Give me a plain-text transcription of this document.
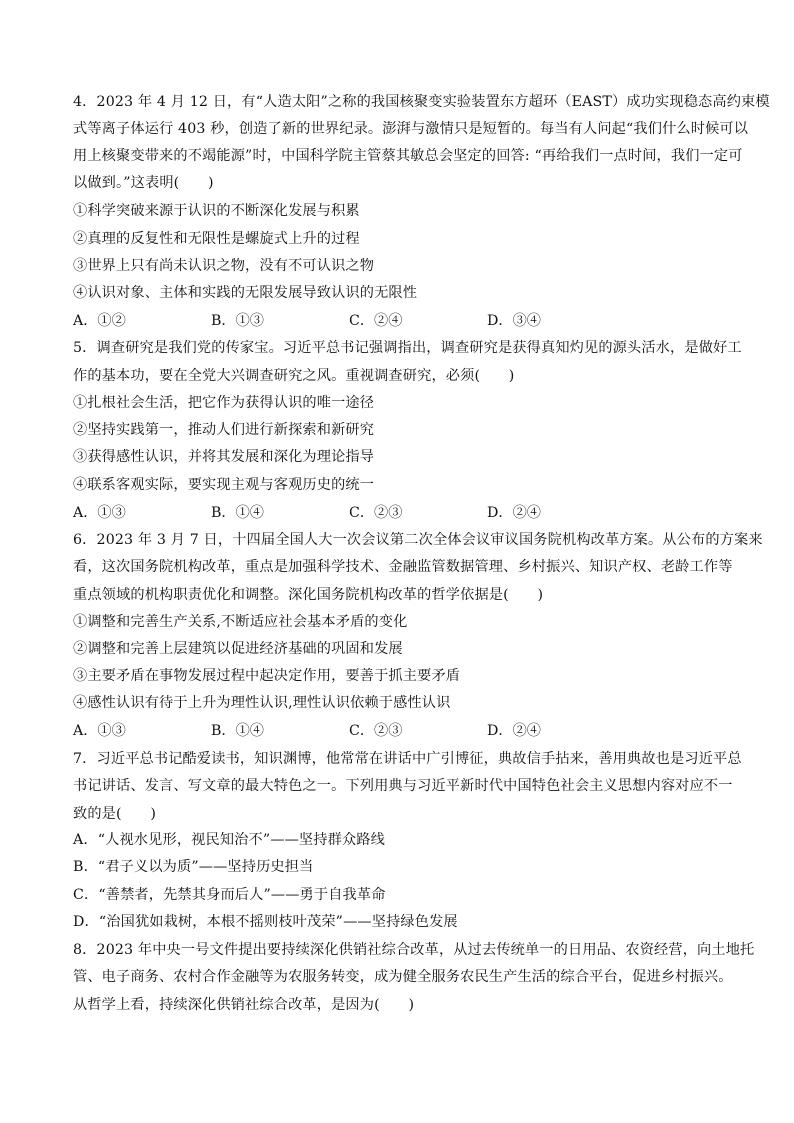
4．2023 年 4 月 12 日，有“人造太阳”之称的我国核聚变实验装置东方超环（EAST）成功实现稳态高约束模
式等离子体运行 403 秒，创造了新的世界纪录。澎湃与激情只是短暂的。每当有人问起“我们什么时候可以
用上核聚变带来的不竭能源”时，中国科学院主管蔡其敏总会坚定的回答: “再给我们一点时间，我们一定可
以做到。”这表明(　　)
①科学突破来源于认识的不断深化发展与积累
②真理的反复性和无限性是螺旋式上升的过程
③世界上只有尚未认识之物，没有不可认识之物
④认识对象、主体和实践的无限发展导致认识的无限性
A．①②	B．①③	C．②④	D．③④
5．调查研究是我们党的传家宝。习近平总书记强调指出，调查研究是获得真知灼见的源头活水，是做好工
作的基本功，要在全党大兴调查研究之风。重视调查研究，必须(　　)
①扎根社会生活，把它作为获得认识的唯一途径
②坚持实践第一，推动人们进行新探索和新研究
③获得感性认识，并将其发展和深化为理论指导
④联系客观实际，要实现主观与客观历史的统一
A．①③	B．①④	C．②③	D．②④
6．2023 年 3 月 7 日，十四届全国人大一次会议第二次全体会议审议国务院机构改革方案。从公布的方案来
看，这次国务院机构改革，重点是加强科学技术、金融监管数据管理、乡村振兴、知识产权、老龄工作等
重点领域的机构职责优化和调整。深化国务院机构改革的哲学依据是(　　)
①调整和完善生产关系,不断适应社会基本矛盾的变化
②调整和完善上层建筑以促进经济基础的巩固和发展
③主要矛盾在事物发展过程中起决定作用，要善于抓主要矛盾
④感性认识有待于上升为理性认识,理性认识依赖于感性认识
A．①③	B．①④	C．②③	D．②④
7．习近平总书记酷爱读书，知识渊博，他常常在讲话中广引博征，典故信手拈来，善用典故也是习近平总
书记讲话、发言、写文章的最大特色之一。下列用典与习近平新时代中国特色社会主义思想内容对应不一
致的是(　　)
A．“人视水见形，视民知治不”——坚持群众路线
B．“君子义以为质”——坚持历史担当
C．“善禁者，先禁其身而后人”——勇于自我革命
D．“治国犹如栽树，本根不摇则枝叶茂荣”——坚持绿色发展
8．2023 年中央一号文件提出要持续深化供销社综合改革，从过去传统单一的日用品、农资经营，向土地托
管、电子商务、农村合作金融等为农服务转变，成为健全服务农民生产生活的综合平台，促进乡村振兴。
从哲学上看，持续深化供销社综合改革，是因为(　　)
